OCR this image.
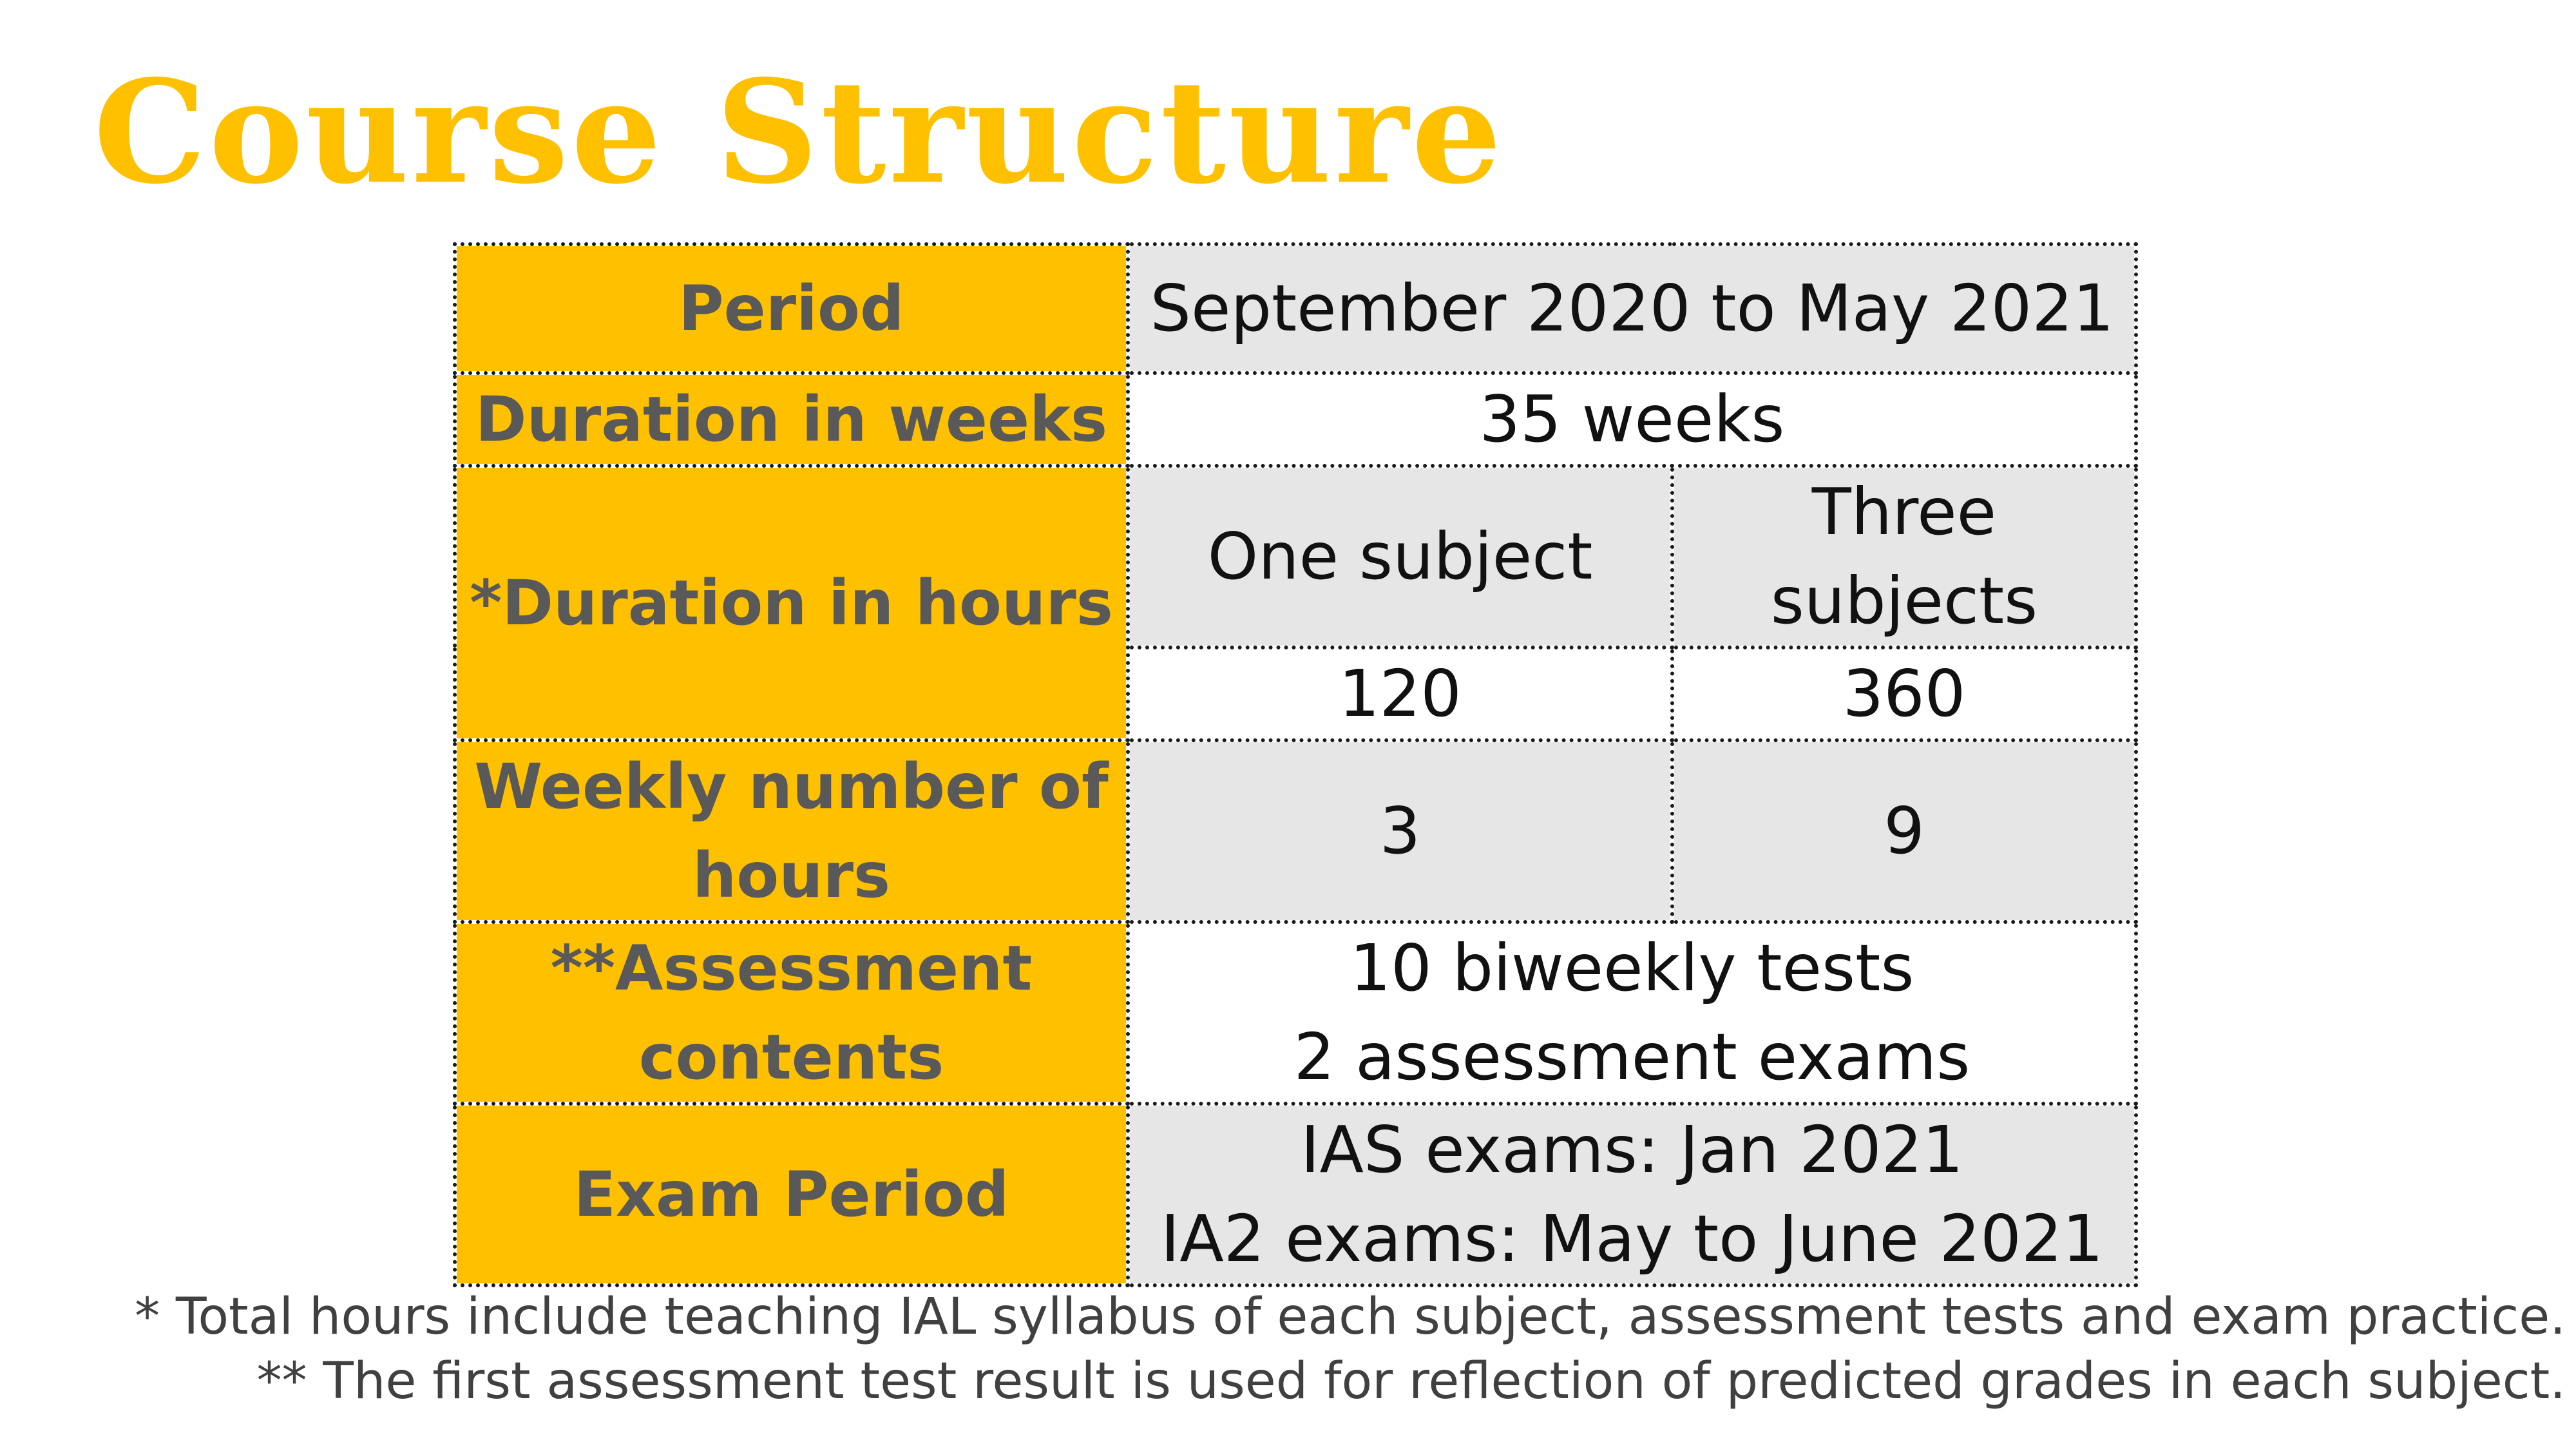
Course Structure
Period	September 2020 to May 2021	
Duration in weeks	35 weeks	
*Duration in hours	One subject	Three subjects
	120	360

Weekly number of
hours	3	9

**Assessment
contents	10 biweekly tests
2 assessment exams	

Exam Period	IAS exams: Jan 2021
IA2 exams: May to June 2021	
* Total hours include teaching IAL syllabus of each subject, assessment tests and exam practice.
** The first assessment test result is used for reflection of predicted grades in each subject.
